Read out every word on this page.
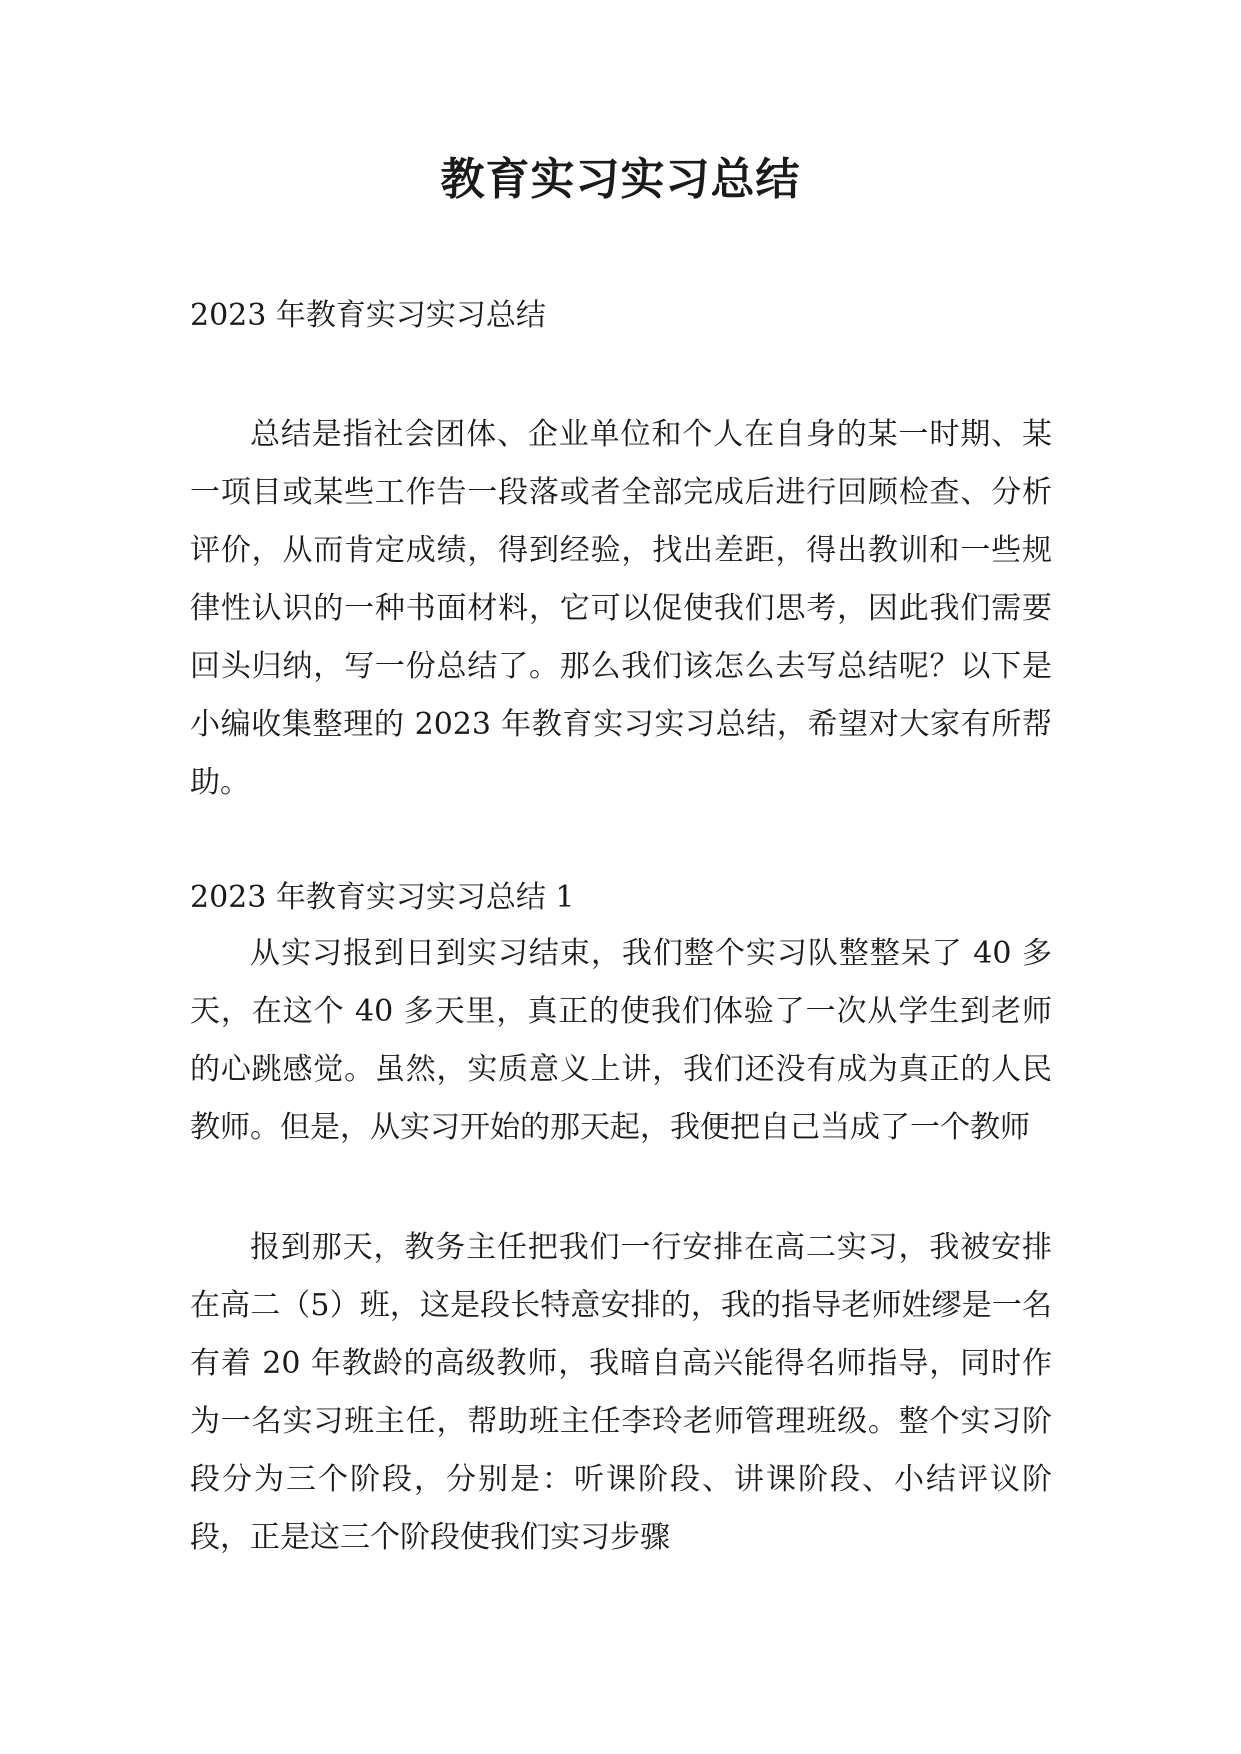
教育实习实习总结

2023 年教育实习实习总结

总结是指社会团体、企业单位和个人在自身的某一时期、某一项目或某些工作告一段落或者全部完成后进行回顾检查、分析评价，从而肯定成绩，得到经验，找出差距，得出教训和一些规律性认识的一种书面材料，它可以促使我们思考，因此我们需要回头归纳，写一份总结了。那么我们该怎么去写总结呢？以下是小编收集整理的 2023 年教育实习实习总结，希望对大家有所帮助。

2023 年教育实习实习总结 1

从实习报到日到实习结束，我们整个实习队整整呆了 40 多天，在这个 40 多天里，真正的使我们体验了一次从学生到老师的心跳感觉。虽然，实质意义上讲，我们还没有成为真正的人民教师。但是，从实习开始的那天起，我便把自己当成了一个教师

报到那天，教务主任把我们一行安排在高二实习，我被安排在高二（5）班，这是段长特意安排的，我的指导老师姓缪是一名有着 20 年教龄的高级教师，我暗自高兴能得名师指导，同时作为一名实习班主任，帮助班主任李玲老师管理班级。整个实习阶段分为三个阶段，分别是：听课阶段、讲课阶段、小结评议阶段，正是这三个阶段使我们实习步骤
